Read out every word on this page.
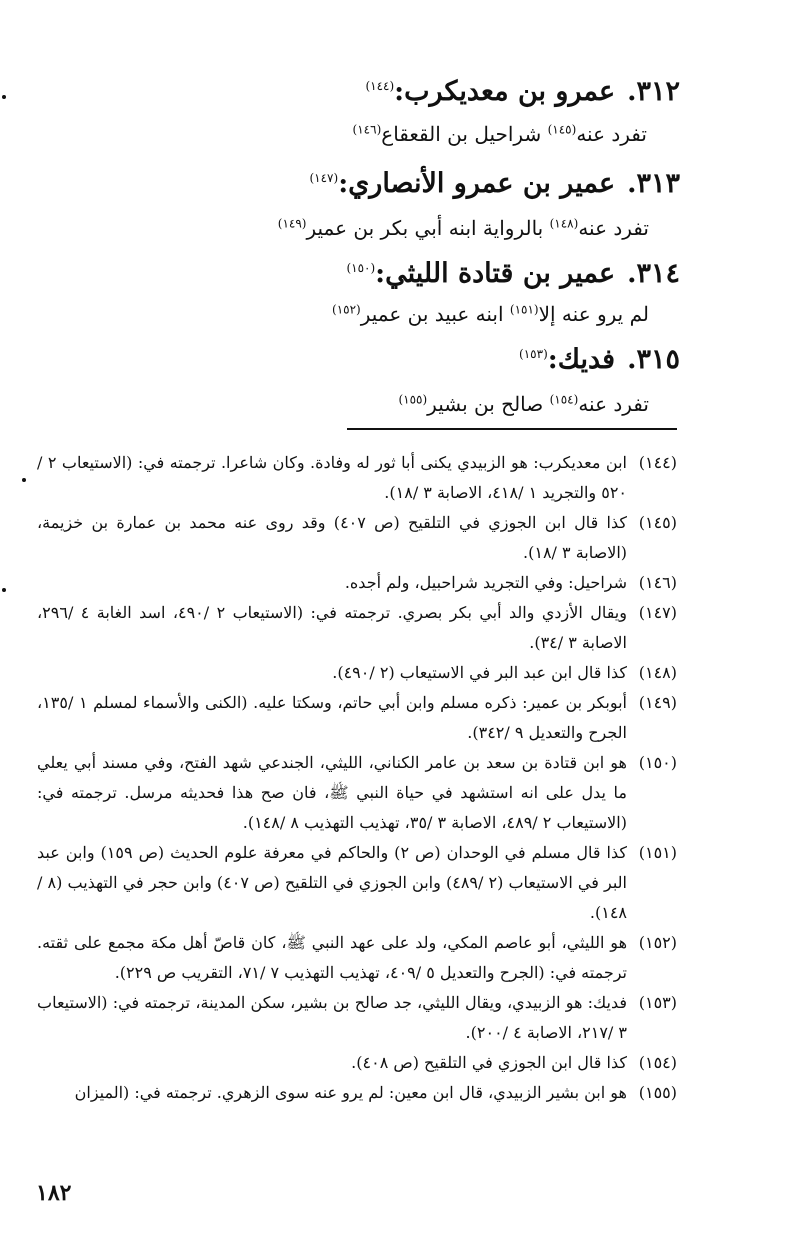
٣١٢.عمرو بن معديكرب:$^{(١٤٤)}$
تفرد عنه$^{(١٤٥)}$ شراحيل بن القعقاع$^{(١٤٦)}$
٣١٣.عمير بن عمرو الأنصاري:$^{(١٤٧)}$
تفرد عنه$^{(١٤٨)}$ بالرواية ابنه أبي بكر بن عمير$^{(١٤٩)}$
٣١٤.عمير بن قتادة الليثي:$^{(١٥٠)}$
لم يرو عنه إلا$^{(١٥١)}$ ابنه عبيد بن عمير$^{(١٥٢)}$
٣١٥.فديك:$^{(١٥٣)}$
تفرد عنه$^{(١٥٤)}$ صالح بن بشير$^{(١٥٥)}$
(١٤٤)
ابن معديكرب: هو الزبيدي يكنى أبا ثور له وفادة. وكان شاعرا. ترجمته في: (الاستيعاب ٢ /٥٢٠ والتجريد ١ /٤١٨، الاصابة ٣ /١٨).
(١٤٥)
كذا قال ابن الجوزي في التلقيح (ص ٤٠٧) وقد روى عنه محمد بن عمارة بن خزيمة، (الاصابة ٣ /١٨).
(١٤٦)
شراحيل: وفي التجريد شراحبيل، ولم أجده.
(١٤٧)
ويقال الأزدي والد أبي بكر بصري. ترجمته في: (الاستيعاب ٢ /٤٩٠، اسد الغابة ٤ /٢٩٦، الاصابة ٣ /٣٤).
(١٤٨)
كذا قال ابن عبد البر في الاستيعاب (٢ /٤٩٠).
(١٤٩)
أبوبكر بن عمير: ذكره مسلم وابن أبي حاتم، وسكتا عليه. (الكنى والأسماء لمسلم ١ /١٣٥، الجرح والتعديل ٩ /٣٤٢).
(١٥٠)
هو ابن قتادة بن سعد بن عامر الكناني، الليثي، الجندعي شهد الفتح، وفي مسند أبي يعلي ما يدل على انه استشهد في حياة النبي ﷺ، فان صح هذا فحديثه مرسل. ترجمته في: (الاستيعاب ٢ /٤٨٩، الاصابة ٣ /٣٥، تهذيب التهذيب ٨ /١٤٨).
(١٥١)
كذا قال مسلم في الوحدان (ص ٢) والحاكم في معرفة علوم الحديث (ص ١٥٩) وابن عبد البر في الاستيعاب (٢ /٤٨٩) وابن الجوزي في التلقيح (ص ٤٠٧) وابن حجر في التهذيب (٨ /١٤٨).
(١٥٢)
هو الليثي، أبو عاصم المكي، ولد على عهد النبي ﷺ، كان قاصّ أهل مكة مجمع على ثقته. ترجمته في: (الجرح والتعديل ٥ /٤٠٩، تهذيب التهذيب ٧ /٧١، التقريب ص ٢٢٩).
(١٥٣)
فديك: هو الزبيدي، ويقال الليثي، جد صالح بن بشير، سكن المدينة، ترجمته في: (الاستيعاب ٣ /٢١٧، الاصابة ٤ /٢٠٠).
(١٥٤)
كذا قال ابن الجوزي في التلقيح (ص ٤٠٨).
(١٥٥)
هو ابن بشير الزبيدي، قال ابن معين: لم يرو عنه سوى الزهري. ترجمته في: (الميزان
١٨٢
